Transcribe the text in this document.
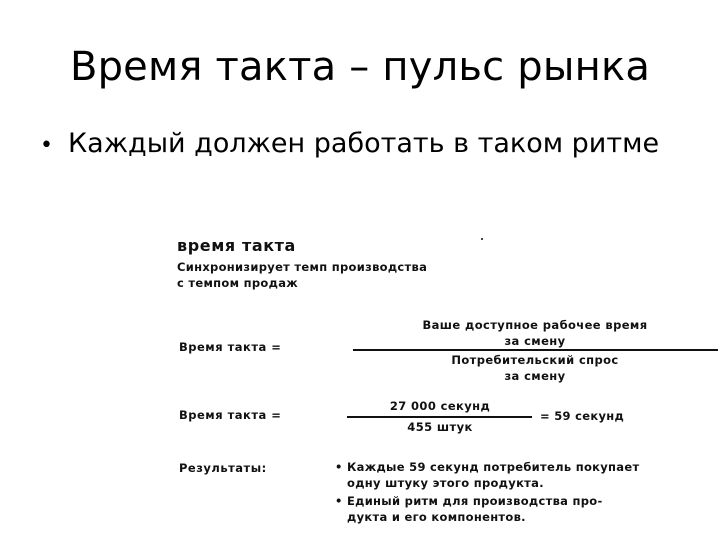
Время такта – пульс рынка
• Каждый должен работать в таком ритме
время такта
Синхронизирует темп производства
с темпом продаж
Время такта =
Ваше доступное рабочее время
за смену
Потребительский спрос
за смену
Время такта =
27 000 секунд
455 штук
= 59 секунд
Результаты:	• Каждые 59 секунд потребитель покупает
одну штуку этого продукта.
• Единый ритм для производства про-
дукта и его компонентов.
